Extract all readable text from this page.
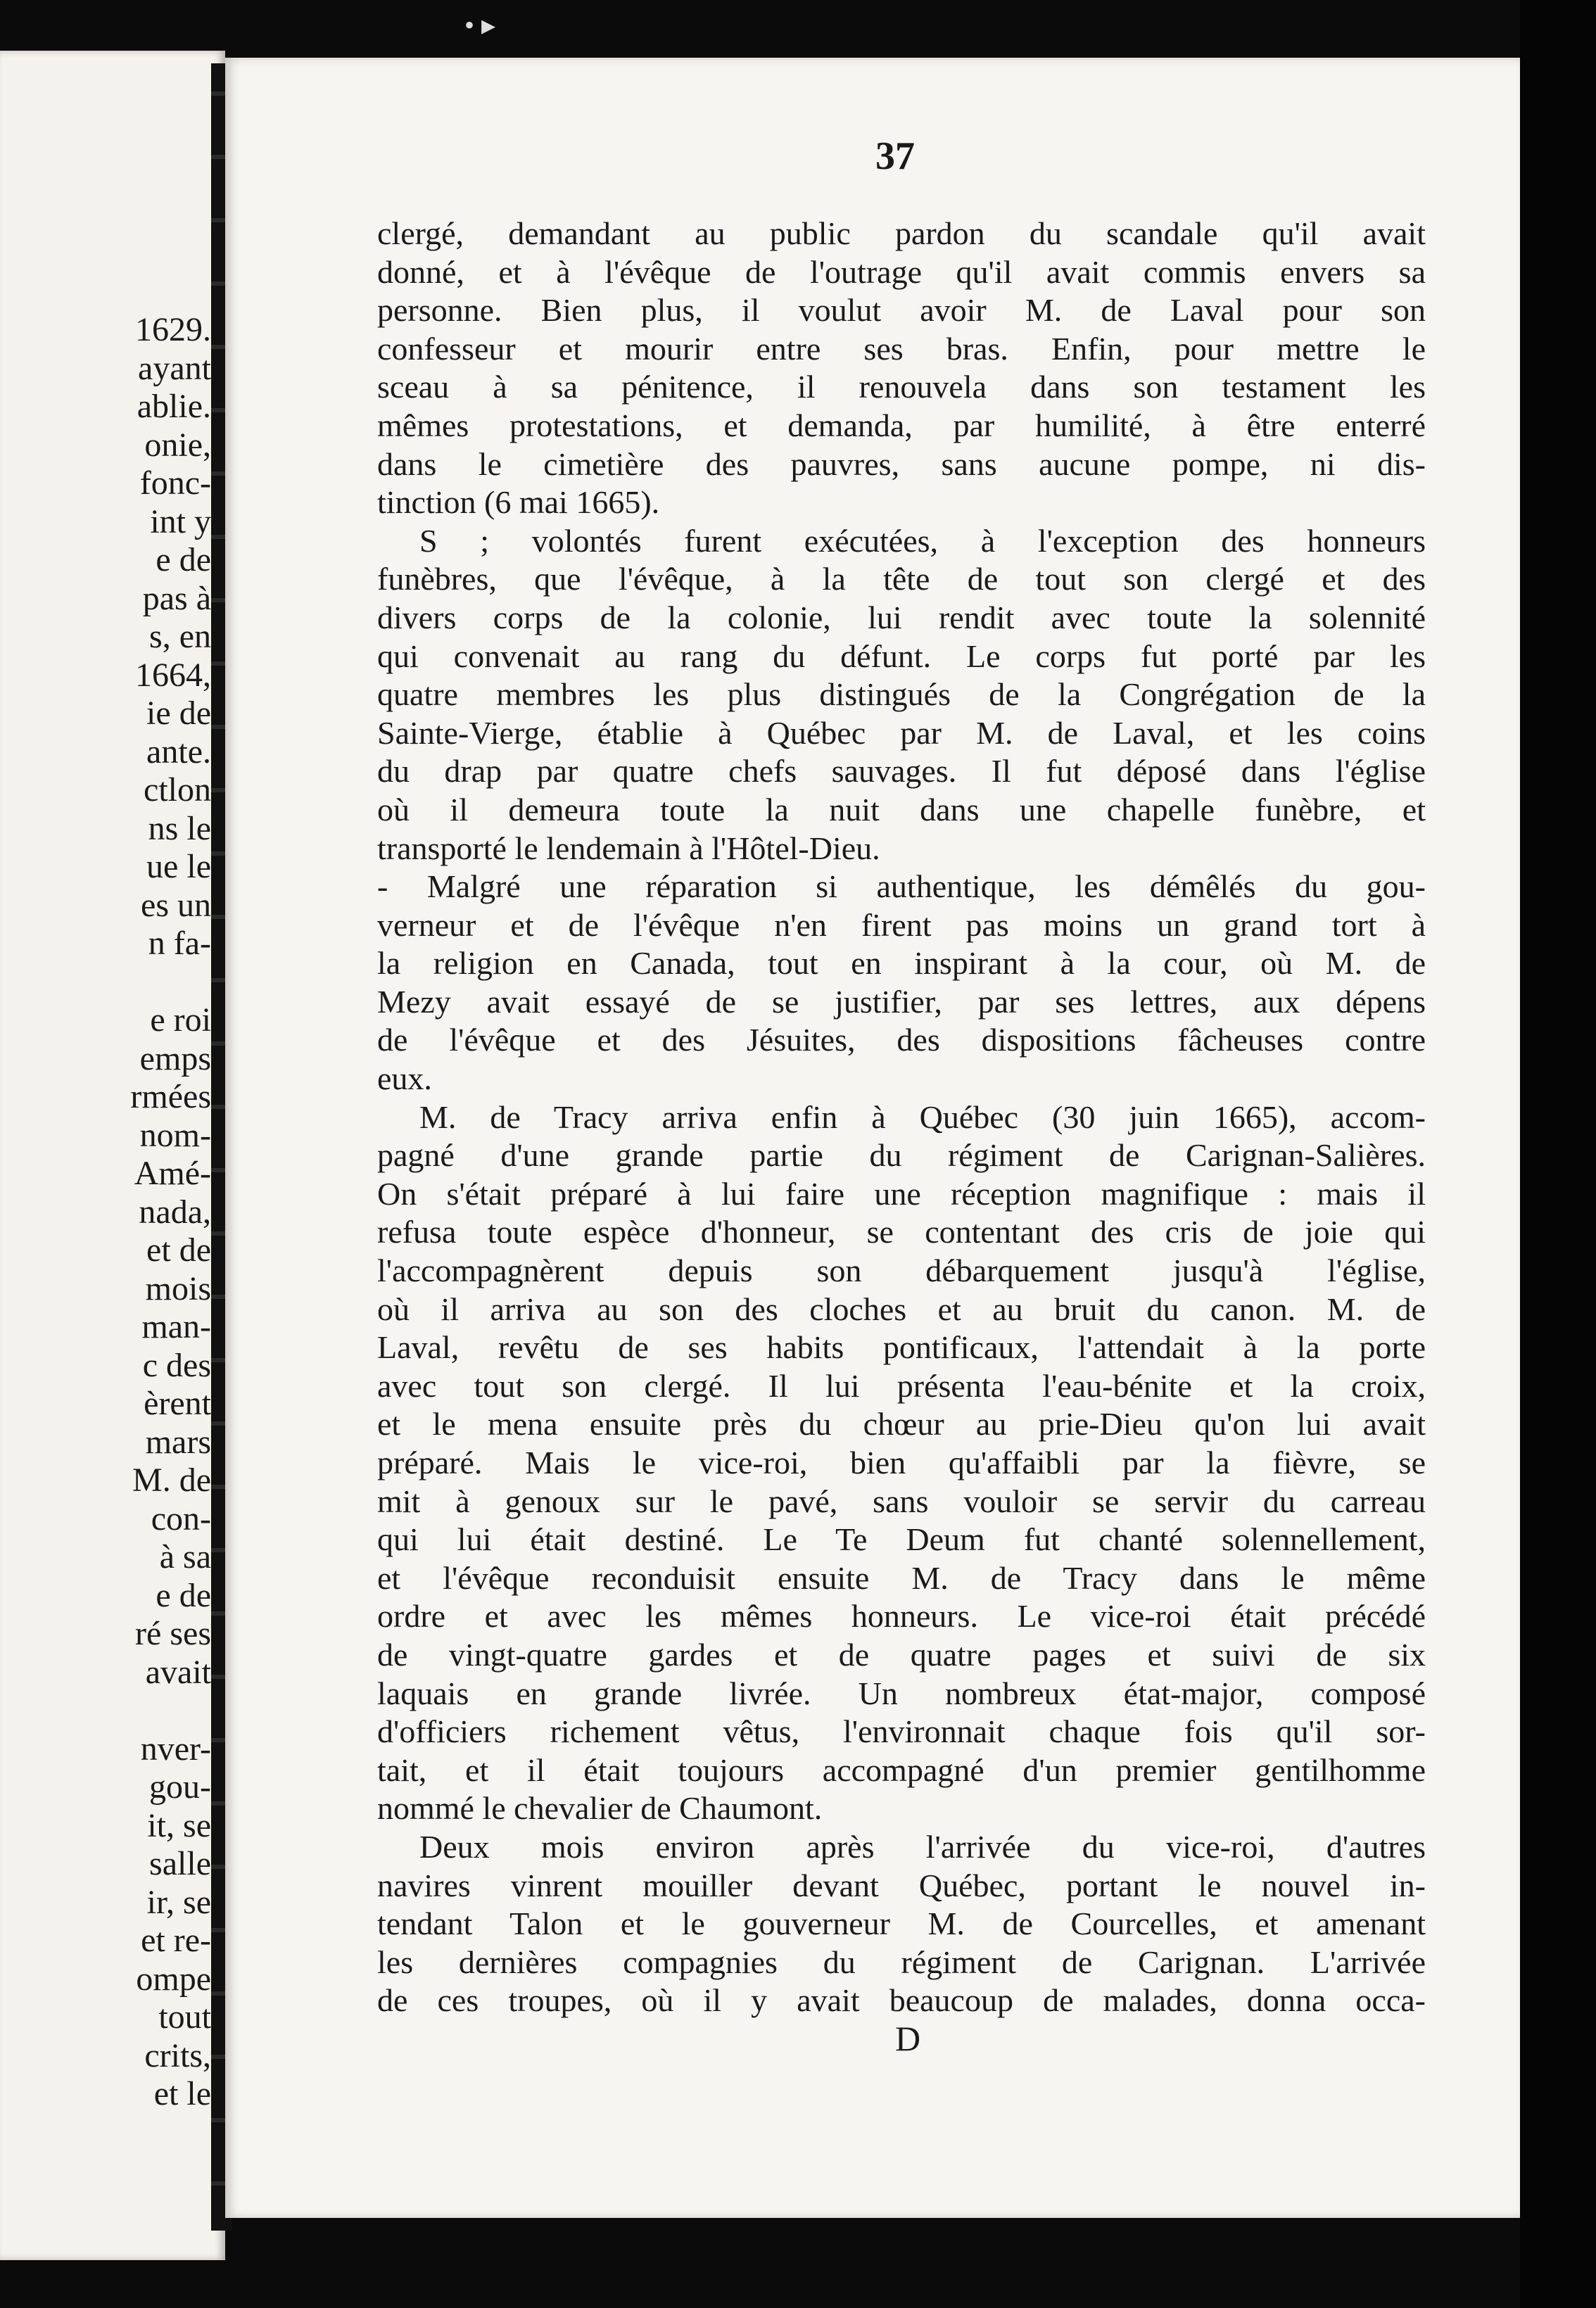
• ▸
1629.
ayant
ablie.
onie,
fonc-
int y
e de
pas à
s, en
1664,
ie de
ante.
ctlon
ns le
ue le
es un
n fa-
e roi
emps
rmées
nom-
Amé-
nada,
et de
mois
man-
c des
èrent
mars
M. de
con-
à sa
e de
ré ses
avait
nver-
gou-
it, se
salle
ir, se
et re-
ompe
tout
crits,
et le
37
clergé, demandant au public pardon du scandale qu'il avait
donné, et à l'évêque de l'outrage qu'il avait commis envers sa
personne. Bien plus, il voulut avoir M. de Laval pour son
confesseur et mourir entre ses bras. Enfin, pour mettre le
sceau à sa pénitence, il renouvela dans son testament les
mêmes protestations, et demanda, par humilité, à être enterré
dans le cimetière des pauvres, sans aucune pompe, ni dis-
tinction (6 mai 1665).
S ; volontés furent exécutées, à l'exception des honneurs
funèbres, que l'évêque, à la tête de tout son clergé et des
divers corps de la colonie, lui rendit avec toute la solennité
qui convenait au rang du défunt. Le corps fut porté par les
quatre membres les plus distingués de la Congrégation de la
Sainte-Vierge, établie à Québec par M. de Laval, et les coins
du drap par quatre chefs sauvages. Il fut déposé dans l'église
où il demeura toute la nuit dans une chapelle funèbre, et
transporté le lendemain à l'Hôtel-Dieu.
- Malgré une réparation si authentique, les démêlés du gou-
verneur et de l'évêque n'en firent pas moins un grand tort à
la religion en Canada, tout en inspirant à la cour, où M. de
Mezy avait essayé de se justifier, par ses lettres, aux dépens
de l'évêque et des Jésuites, des dispositions fâcheuses contre
eux.
M. de Tracy arriva enfin à Québec (30 juin 1665), accom-
pagné d'une grande partie du régiment de Carignan-Salières.
On s'était préparé à lui faire une réception magnifique : mais il
refusa toute espèce d'honneur, se contentant des cris de joie qui
l'accompagnèrent depuis son débarquement jusqu'à l'église,
où il arriva au son des cloches et au bruit du canon. M. de
Laval, revêtu de ses habits pontificaux, l'attendait à la porte
avec tout son clergé. Il lui présenta l'eau-bénite et la croix,
et le mena ensuite près du chœur au prie-Dieu qu'on lui avait
préparé. Mais le vice-roi, bien qu'affaibli par la fièvre, se
mit à genoux sur le pavé, sans vouloir se servir du carreau
qui lui était destiné. Le Te Deum fut chanté solennellement,
et l'évêque reconduisit ensuite M. de Tracy dans le même
ordre et avec les mêmes honneurs. Le vice-roi était précédé
de vingt-quatre gardes et de quatre pages et suivi de six
laquais en grande livrée. Un nombreux état-major, composé
d'officiers richement vêtus, l'environnait chaque fois qu'il sor-
tait, et il était toujours accompagné d'un premier gentilhomme
nommé le chevalier de Chaumont.
Deux mois environ après l'arrivée du vice-roi, d'autres
navires vinrent mouiller devant Québec, portant le nouvel in-
tendant Talon et le gouverneur M. de Courcelles, et amenant
les dernières compagnies du régiment de Carignan. L'arrivée
de ces troupes, où il y avait beaucoup de malades, donna occa-
D
